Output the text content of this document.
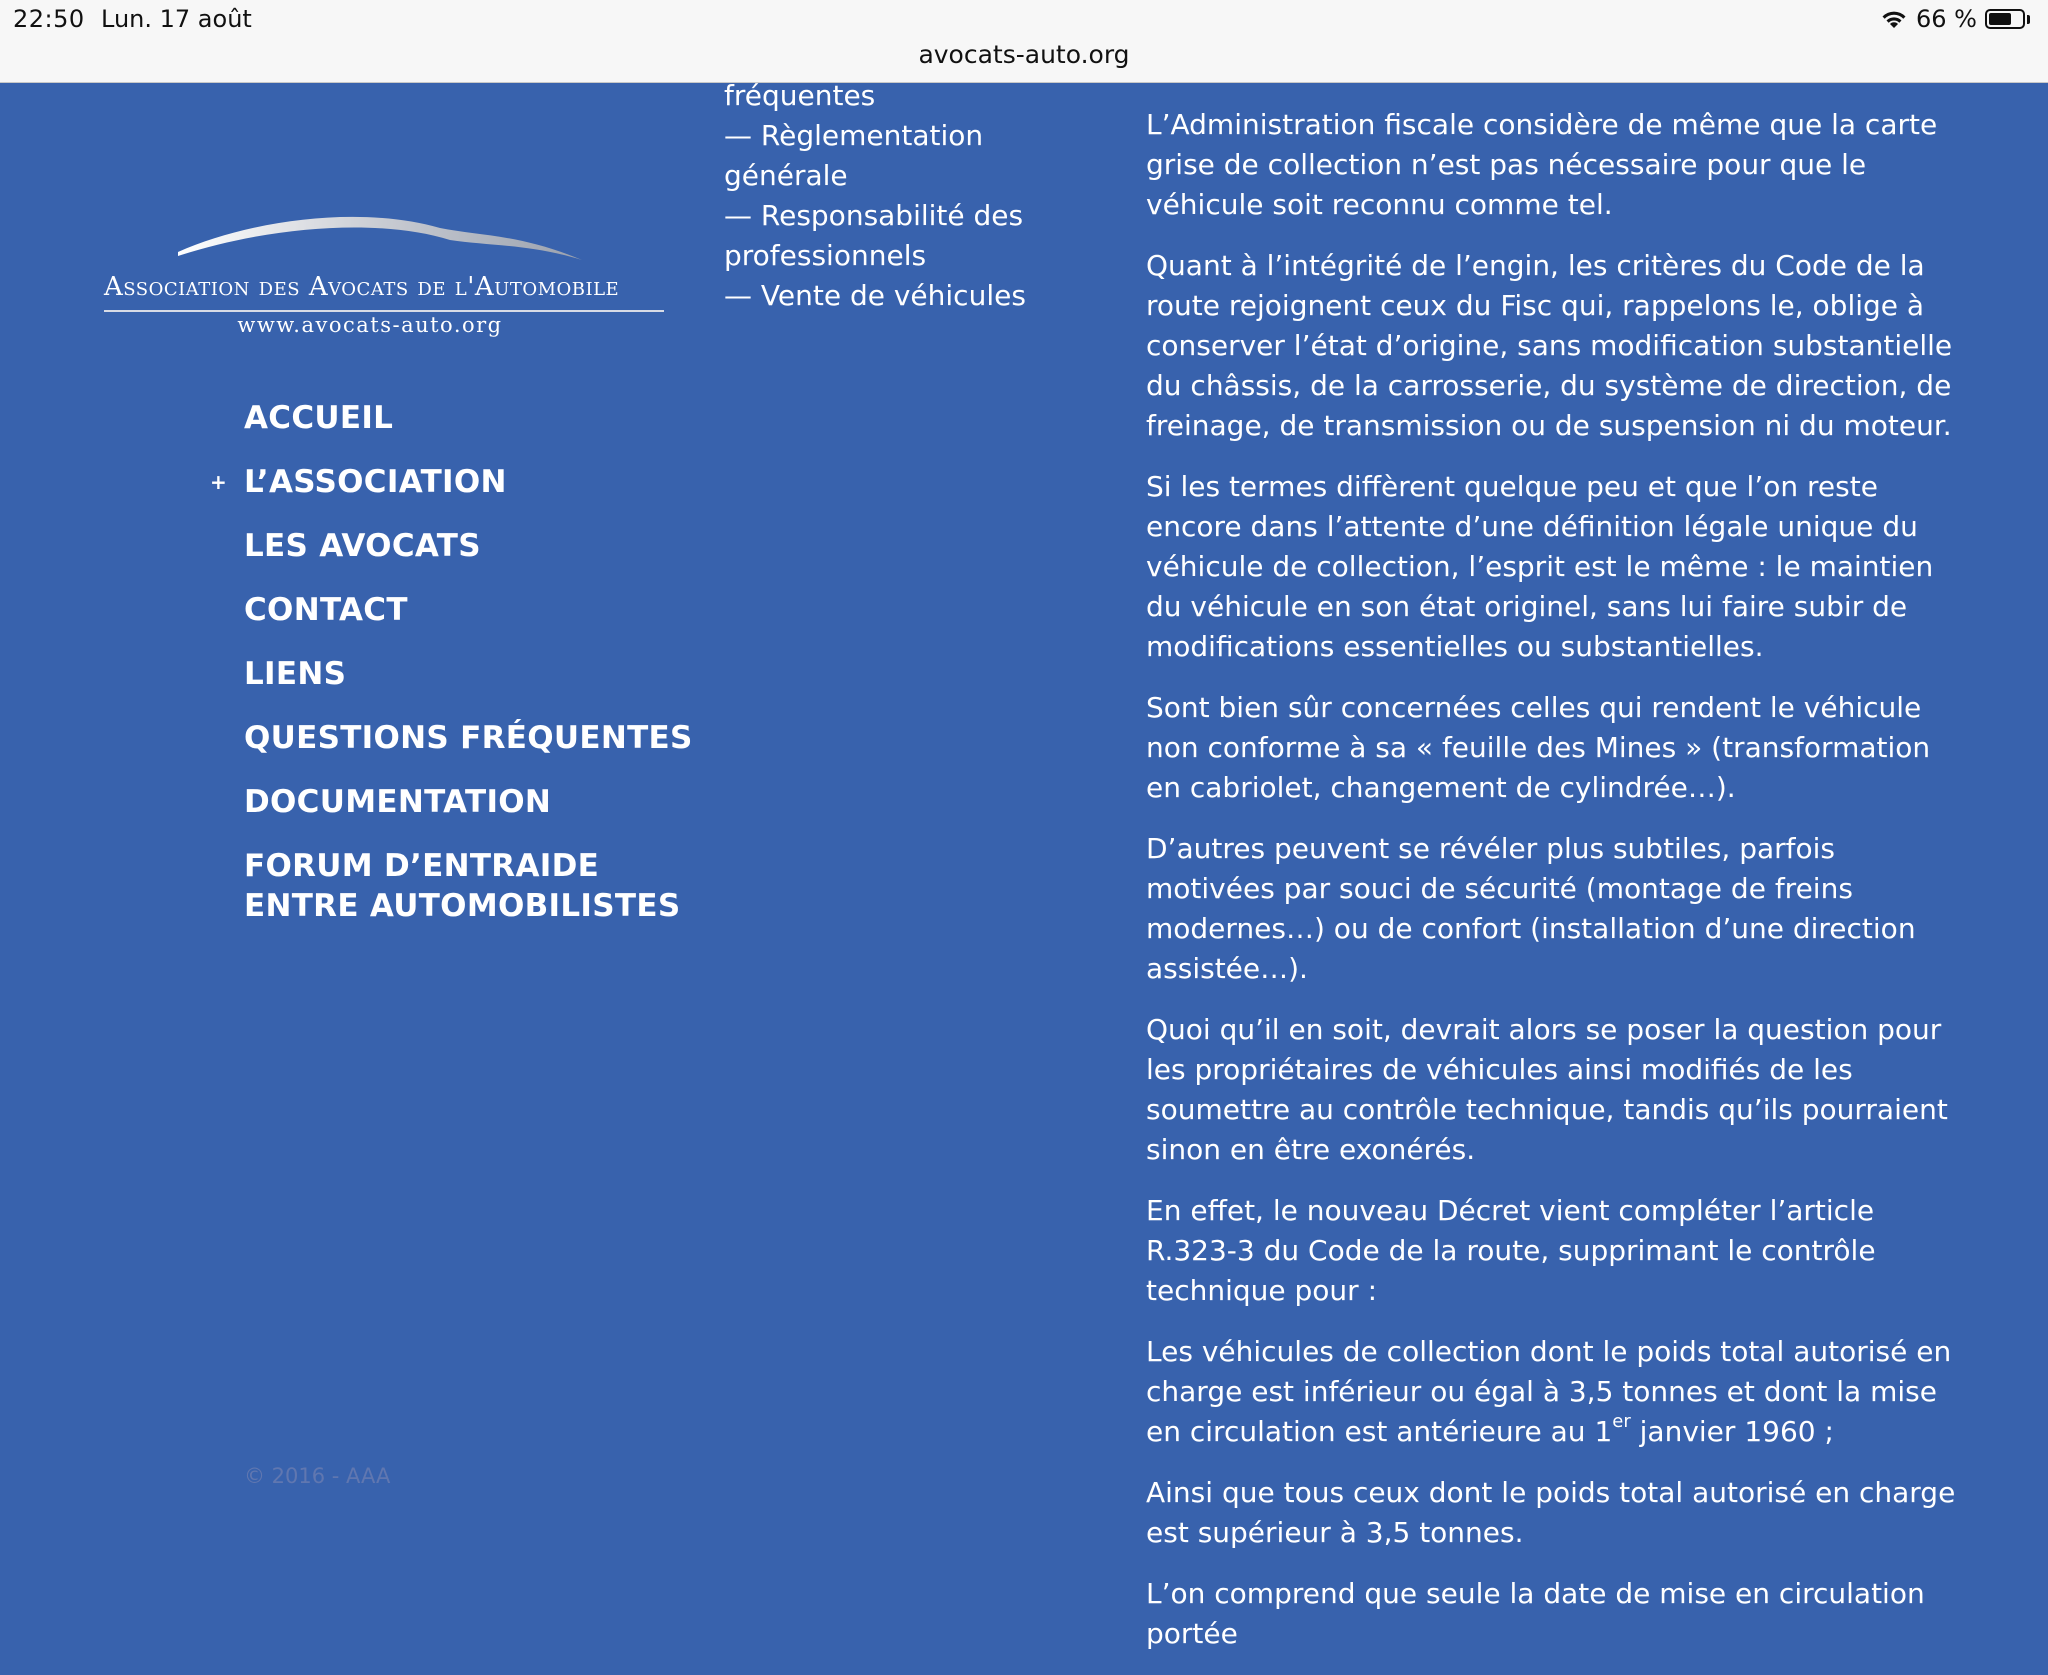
22:50 Lun. 17 août	66 %
avocats-auto.org
Association des Avocats de l'Automobile
www.avocats-auto.org
ACCUEIL
+ L’ASSOCIATION
LES AVOCATS
CONTACT
LIENS
QUESTIONS FRÉQUENTES
DOCUMENTATION
FORUM D’ENTRAIDE ENTRE AUTOMOBILISTES
© 2016 - AAA
fréquentes
— Règlementation générale
— Responsabilité des professionnels
— Vente de véhicules

L’Administration fiscale considère de même que la carte grise de collection n’est pas nécessaire pour que le véhicule soit reconnu comme tel.

Quant à l’intégrité de l’engin, les critères du Code de la route rejoignent ceux du Fisc qui, rappelons le, oblige à conserver l’état d’origine, sans modification substantielle du châssis, de la carrosserie, du système de direction, de freinage, de transmission ou de suspension ni du moteur.

Si les termes diffèrent quelque peu et que l’on reste encore dans l’attente d’une définition légale unique du véhicule de collection, l’esprit est le même : le maintien du véhicule en son état originel, sans lui faire subir de modifications essentielles ou substantielles.

Sont bien sûr concernées celles qui rendent le véhicule non conforme à sa « feuille des Mines » (transformation en cabriolet, changement de cylindrée…).

D’autres peuvent se révéler plus subtiles, parfois motivées par souci de sécurité (montage de freins modernes…) ou de confort (installation d’une direction assistée…).

Quoi qu’il en soit, devrait alors se poser la question pour les propriétaires de véhicules ainsi modifiés de les soumettre au contrôle technique, tandis qu’ils pourraient sinon en être exonérés.

En effet, le nouveau Décret vient compléter l’article R.323-3 du Code de la route, supprimant le contrôle technique pour :

Les véhicules de collection dont le poids total autorisé en charge est inférieur ou égal à 3,5 tonnes et dont la mise en circulation est antérieure au 1er janvier 1960 ;

Ainsi que tous ceux dont le poids total autorisé en charge est supérieur à 3,5 tonnes.

L’on comprend que seule la date de mise en circulation portée
